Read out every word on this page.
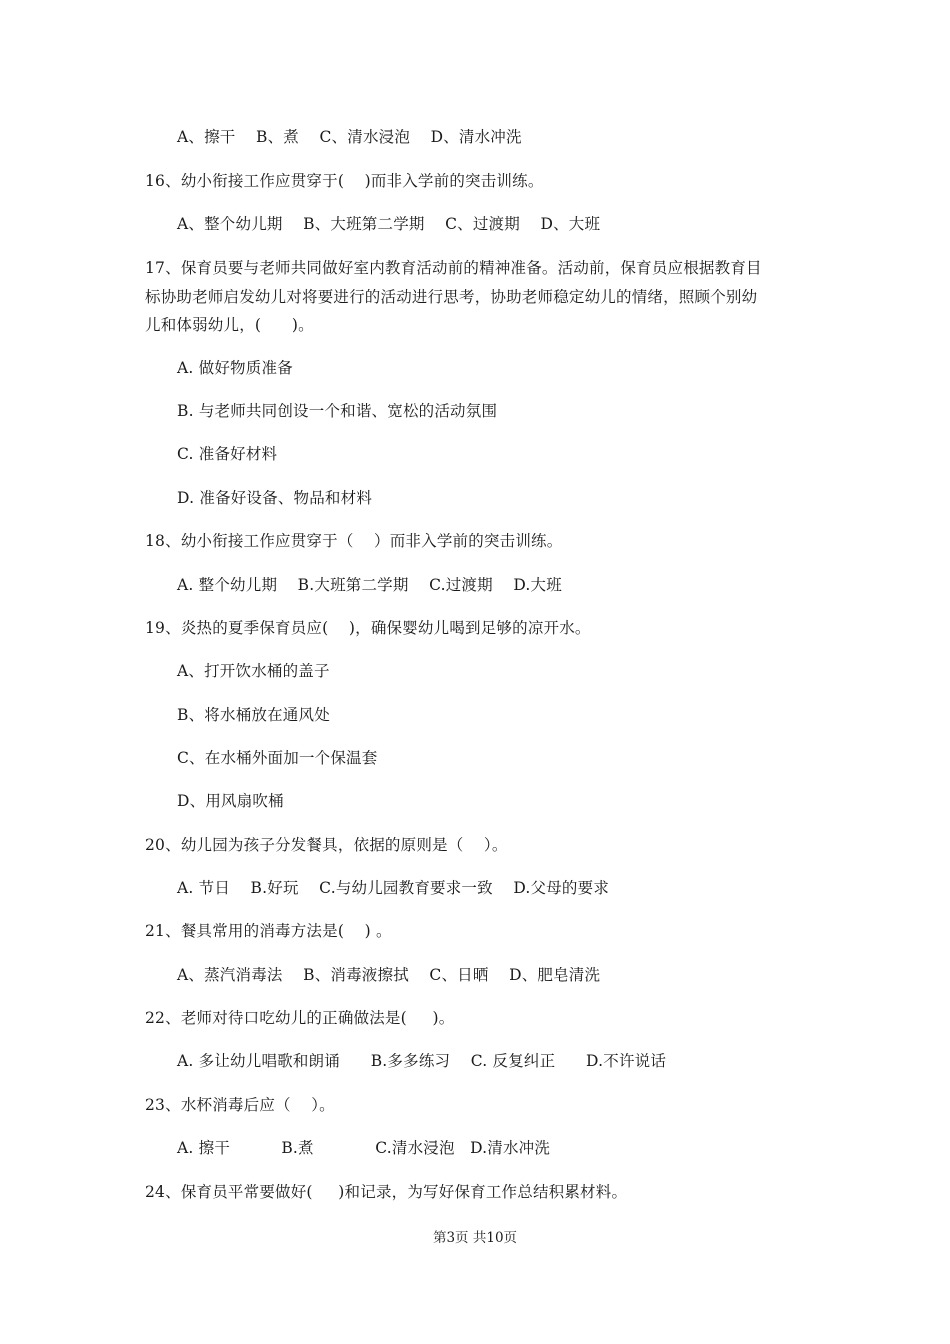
A、擦干    B、煮    C、清水浸泡    D、清水冲洗
16、幼小衔接工作应贯穿于(    )而非入学前的突击训练。
A、整个幼儿期    B、大班第二学期    C、过渡期    D、大班
17、保育员要与老师共同做好室内教育活动前的精神准备。活动前，保育员应根据教育目
标协助老师启发幼儿对将要进行的活动进行思考，协助老师稳定幼儿的情绪，照顾个别幼
儿和体弱幼儿，(      )。
A. 做好物质准备
B. 与老师共同创设一个和谐、宽松的活动氛围
C. 准备好材料
D. 准备好设备、物品和材料
18、幼小衔接工作应贯穿于（    ）而非入学前的突击训练。
A. 整个幼儿期    B.大班第二学期    C.过渡期    D.大班
19、炎热的夏季保育员应(    )，确保婴幼儿喝到足够的凉开水。
A、打开饮水桶的盖子
B、将水桶放在通风处
C、在水桶外面加一个保温套
D、用风扇吹桶
20、幼儿园为孩子分发餐具，依据的原则是（    ）。
A. 节日    B.好玩    C.与幼儿园教育要求一致    D.父母的要求
21、餐具常用的消毒方法是(    ) 。
A、蒸汽消毒法    B、消毒液擦拭    C、日晒    D、肥皂清洗
22、老师对待口吃幼儿的正确做法是(     )。
A. 多让幼儿唱歌和朗诵      B.多多练习    C. 反复纠正      D.不许说话
23、水杯消毒后应（    ）。
A. 擦干          B.煮            C.清水浸泡   D.清水冲洗
24、保育员平常要做好(     )和记录，为写好保育工作总结积累材料。
第3页 共10页
